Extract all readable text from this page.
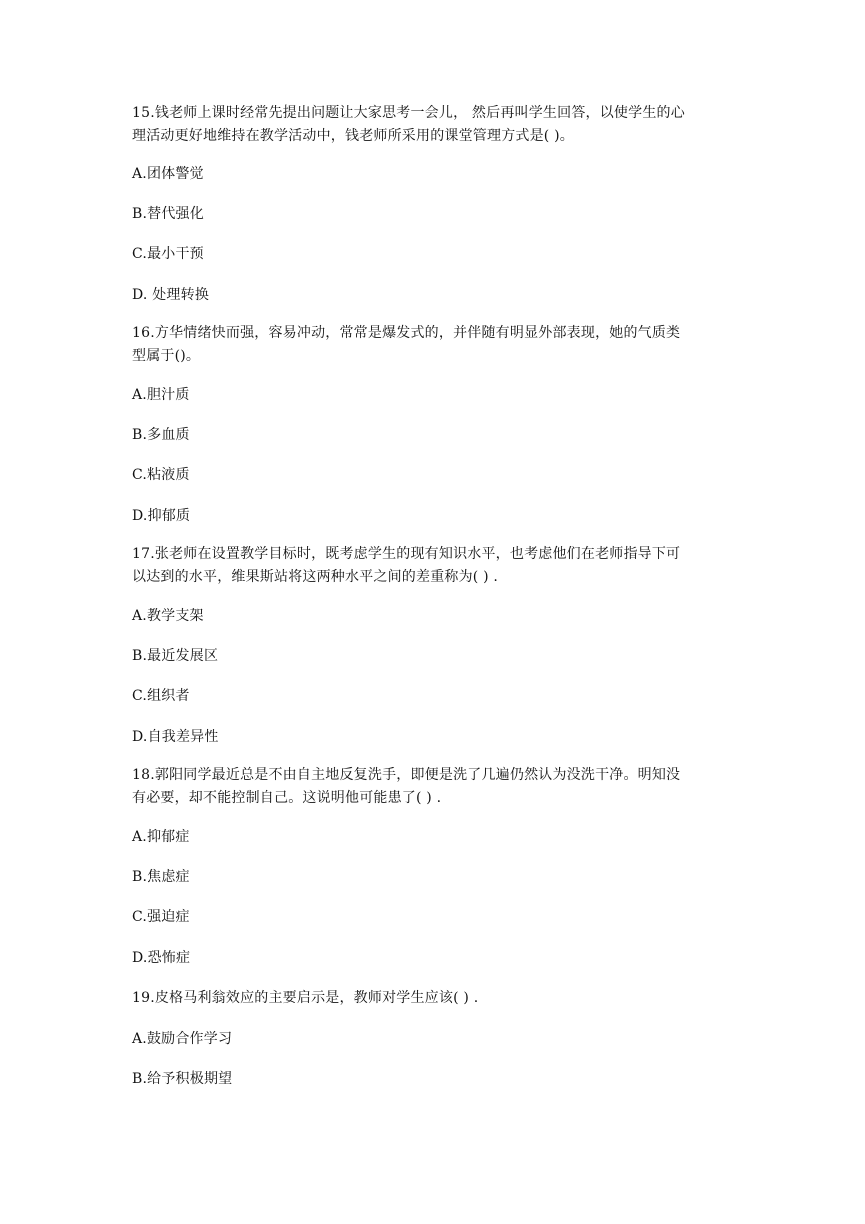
15.钱老师上课时经常先提出问题让大家思考一会儿， 然后再叫学生回答，以使学生的心
理活动更好地维持在教学活动中，钱老师所采用的课堂管理方式是( )。
A.团体警觉
B.替代强化
C.最小干预
D. 处理转换
16.方华情绪快而强，容易冲动，常常是爆发式的，并伴随有明显外部表现，她的气质类
型属于()。
A.胆汁质
B.多血质
C.粘液质
D.抑郁质
17.张老师在设置教学目标时，既考虑学生的现有知识水平，也考虑他们在老师指导下可
以达到的水平，维果斯站将这两种水平之间的差重称为( ) .
A.教学支架
B.最近发展区
C.组织者
D.自我差异性
18.郭阳同学最近总是不由自主地反复洗手，即便是洗了几遍仍然认为没洗干净。明知没
有必要，却不能控制自己。这说明他可能患了( ) .
A.抑郁症
B.焦虑症
C.强迫症
D.恐怖症
19.皮格马利翁效应的主要启示是，教师对学生应该( ) .
A.鼓励合作学习
B.给予积极期望
